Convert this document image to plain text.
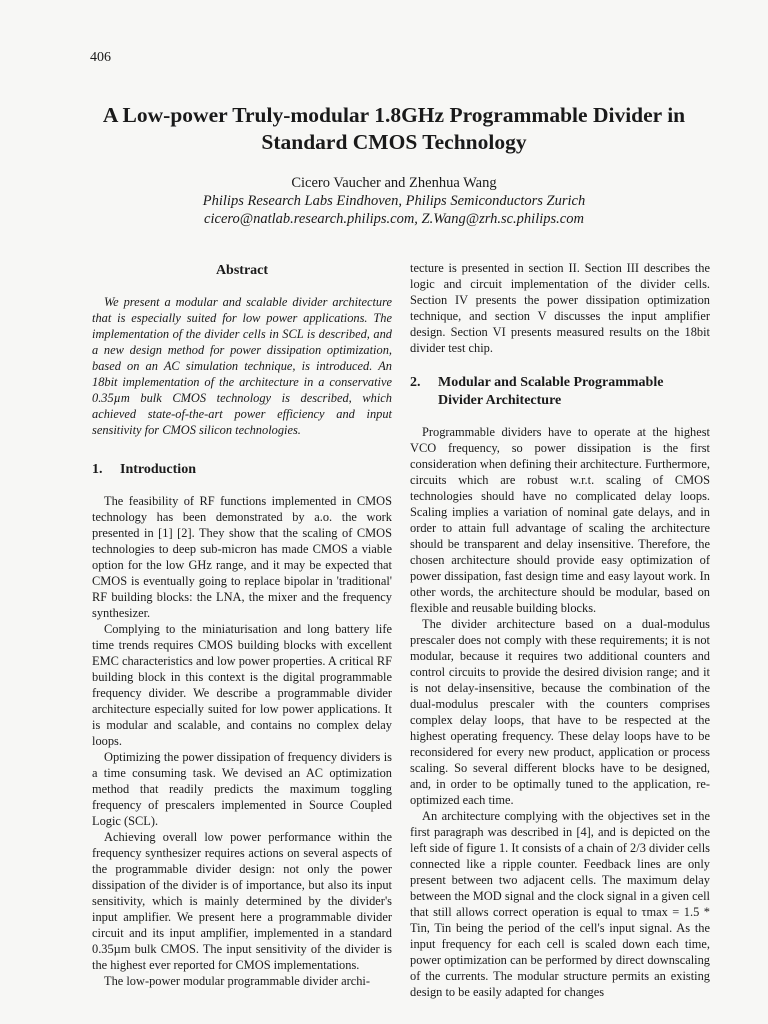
406
A Low-power Truly-modular 1.8GHz Programmable Divider in Standard CMOS Technology
Cicero Vaucher and Zhenhua Wang
Philips Research Labs Eindhoven, Philips Semiconductors Zurich
cicero@natlab.research.philips.com, Z.Wang@zrh.sc.philips.com
Abstract

We present a modular and scalable divider architecture that is especially suited for low power applications. The implementation of the divider cells in SCL is described, and a new design method for power dissipation optimization, based on an AC simulation technique, is introduced. An 18bit implementation of the architecture in a conservative 0.35µm bulk CMOS technology is described, which achieved state-of-the-art power efficiency and input sensitivity for CMOS silicon technologies.

1.	Introduction

The feasibility of RF functions implemented in CMOS technology has been demonstrated by a.o. the work presented in [1] [2]. They show that the scaling of CMOS technologies to deep sub-micron has made CMOS a viable option for the low GHz range, and it may be expected that CMOS is eventually going to replace bipolar in 'traditional' RF building blocks: the LNA, the mixer and the frequency synthesizer.

Complying to the miniaturisation and long battery life time trends requires CMOS building blocks with excellent EMC characteristics and low power properties. A critical RF building block in this context is the digital programmable frequency divider. We describe a programmable divider architecture especially suited for low power applications. It is modular and scalable, and contains no complex delay loops.

Optimizing the power dissipation of frequency dividers is a time consuming task. We devised an AC optimization method that readily predicts the maximum toggling frequency of prescalers implemented in Source Coupled Logic (SCL).

Achieving overall low power performance within the frequency synthesizer requires actions on several aspects of the programmable divider design: not only the power dissipation of the divider is of importance, but also its input sensitivity, which is mainly determined by the divider's input amplifier. We present here a programmable divider circuit and its input amplifier, implemented in a standard 0.35µm bulk CMOS. The input sensitivity of the divider is the highest ever reported for CMOS implementations.

The low-power modular programmable divider archi-

tecture is presented in section II. Section III describes the logic and circuit implementation of the divider cells. Section IV presents the power dissipation optimization technique, and section V discusses the input amplifier design. Section VI presents measured results on the 18bit divider test chip.

2.	Modular and Scalable Programmable Divider Architecture

Programmable dividers have to operate at the highest VCO frequency, so power dissipation is the first consideration when defining their architecture. Furthermore, circuits which are robust w.r.t. scaling of CMOS technologies should have no complicated delay loops. Scaling implies a variation of nominal gate delays, and in order to attain full advantage of scaling the architecture should be transparent and delay insensitive. Therefore, the chosen architecture should provide easy optimization of power dissipation, fast design time and easy layout work. In other words, the architecture should be modular, based on flexible and reusable building blocks.

The divider architecture based on a dual-modulus prescaler does not comply with these requirements; it is not modular, because it requires two additional counters and control circuits to provide the desired division range; and it is not delay-insensitive, because the combination of the dual-modulus prescaler with the counters comprises complex delay loops, that have to be respected at the highest operating frequency. These delay loops have to be reconsidered for every new product, application or process scaling. So several different blocks have to be designed, and, in order to be optimally tuned to the application, re-optimized each time.

An architecture complying with the objectives set in the first paragraph was described in [4], and is depicted on the left side of figure 1. It consists of a chain of 2/3 divider cells connected like a ripple counter. Feedback lines are only present between two adjacent cells. The maximum delay between the MOD signal and the clock signal in a given cell that still allows correct operation is equal to τmax = 1.5 * Tin, Tin being the period of the cell's input signal. As the input frequency for each cell is scaled down each time, power optimization can be performed by direct downscaling of the currents. The modular structure permits an existing design to be easily adapted for changes
